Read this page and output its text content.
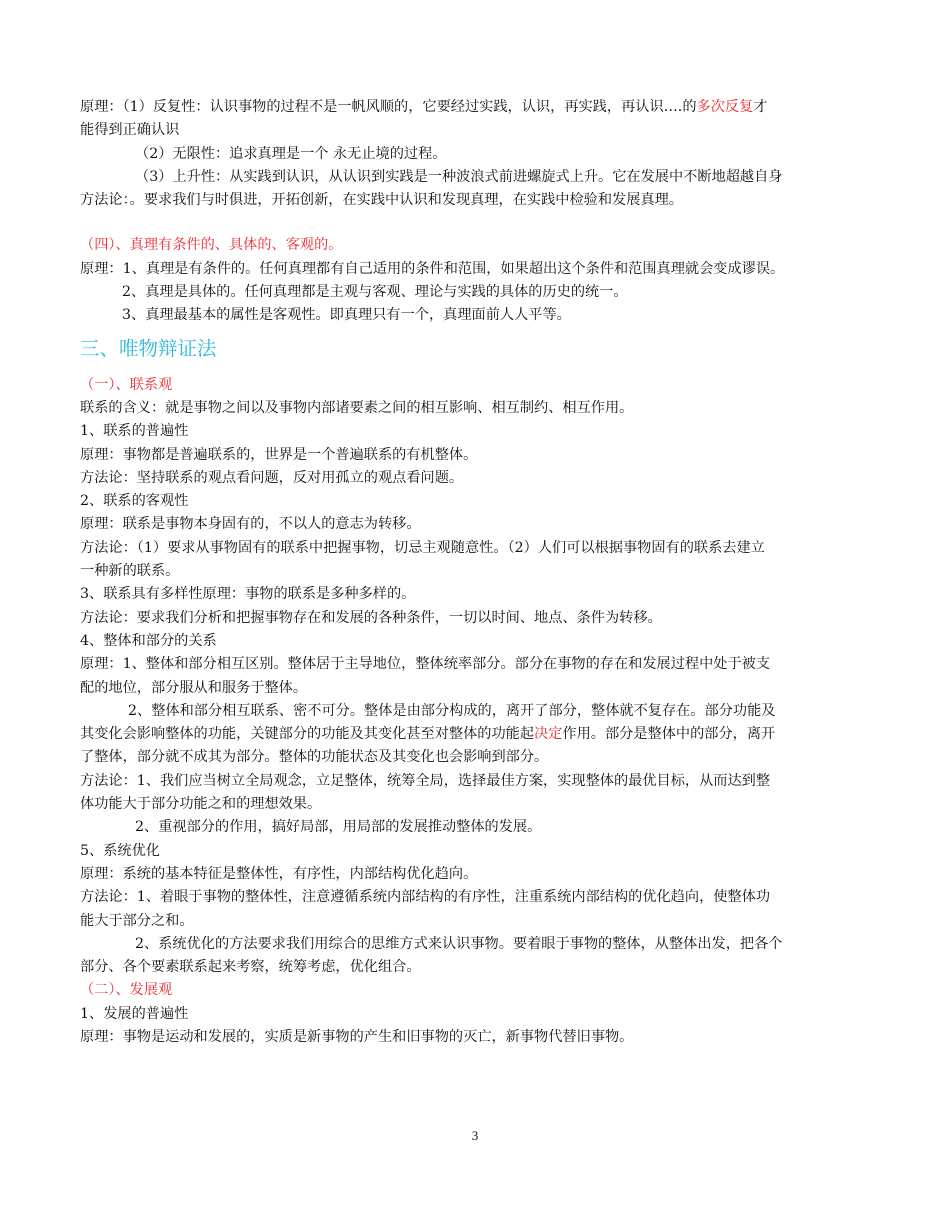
原理：（1）反复性：认识事物的过程不是一帆风顺的，它要经过实践，认识，再实践，再认识….的多次反复才

能得到正确认识

（2）无限性：追求真理是一个 永无止境的过程。

（3）上升性：从实践到认识，从认识到实践是一种波浪式前进螺旋式上升。它在发展中不断地超越自身

方法论：。要求我们与时俱进，开拓创新，在实践中认识和发现真理，在实践中检验和发展真理。

（四）、真理有条件的、具体的、客观的。

原理：1、真理是有条件的。任何真理都有自己适用的条件和范围，如果超出这个条件和范围真理就会变成谬误。

2、真理是具体的。任何真理都是主观与客观、理论与实践的具体的历史的统一。

3、真理最基本的属性是客观性。即真理只有一个，真理面前人人平等。

三、唯物辩证法

（一）、联系观

联系的含义：就是事物之间以及事物内部诸要素之间的相互影响、相互制约、相互作用。

1、联系的普遍性

原理：事物都是普遍联系的，世界是一个普遍联系的有机整体。

方法论：坚持联系的观点看问题，反对用孤立的观点看问题。

2、联系的客观性

原理：联系是事物本身固有的，不以人的意志为转移。

方法论：（1）要求从事物固有的联系中把握事物，切忌主观随意性。（2）人们可以根据事物固有的联系去建立

一种新的联系。

3、联系具有多样性原理：事物的联系是多种多样的。

方法论：要求我们分析和把握事物存在和发展的各种条件，一切以时间、地点、条件为转移。

4、整体和部分的关系

原理：1、整体和部分相互区别。整体居于主导地位，整体统率部分。部分在事物的存在和发展过程中处于被支

配的地位，部分服从和服务于整体。

2、整体和部分相互联系、密不可分。整体是由部分构成的，离开了部分，整体就不复存在。部分功能及

其变化会影响整体的功能，关键部分的功能及其变化甚至对整体的功能起决定作用。部分是整体中的部分，离开

了整体，部分就不成其为部分。整体的功能状态及其变化也会影响到部分。

方法论：1、我们应当树立全局观念，立足整体，统筹全局，选择最佳方案，实现整体的最优目标，从而达到整

体功能大于部分功能之和的理想效果。

2、重视部分的作用，搞好局部，用局部的发展推动整体的发展。

5、系统优化

原理：系统的基本特征是整体性，有序性，内部结构优化趋向。

方法论：1、着眼于事物的整体性，注意遵循系统内部结构的有序性，注重系统内部结构的优化趋向，使整体功

能大于部分之和。

2、系统优化的方法要求我们用综合的思维方式来认识事物。要着眼于事物的整体，从整体出发，把各个

部分、各个要素联系起来考察，统筹考虑，优化组合。

（二）、发展观

1、发展的普遍性

原理：事物是运动和发展的，实质是新事物的产生和旧事物的灭亡，新事物代替旧事物。

3
